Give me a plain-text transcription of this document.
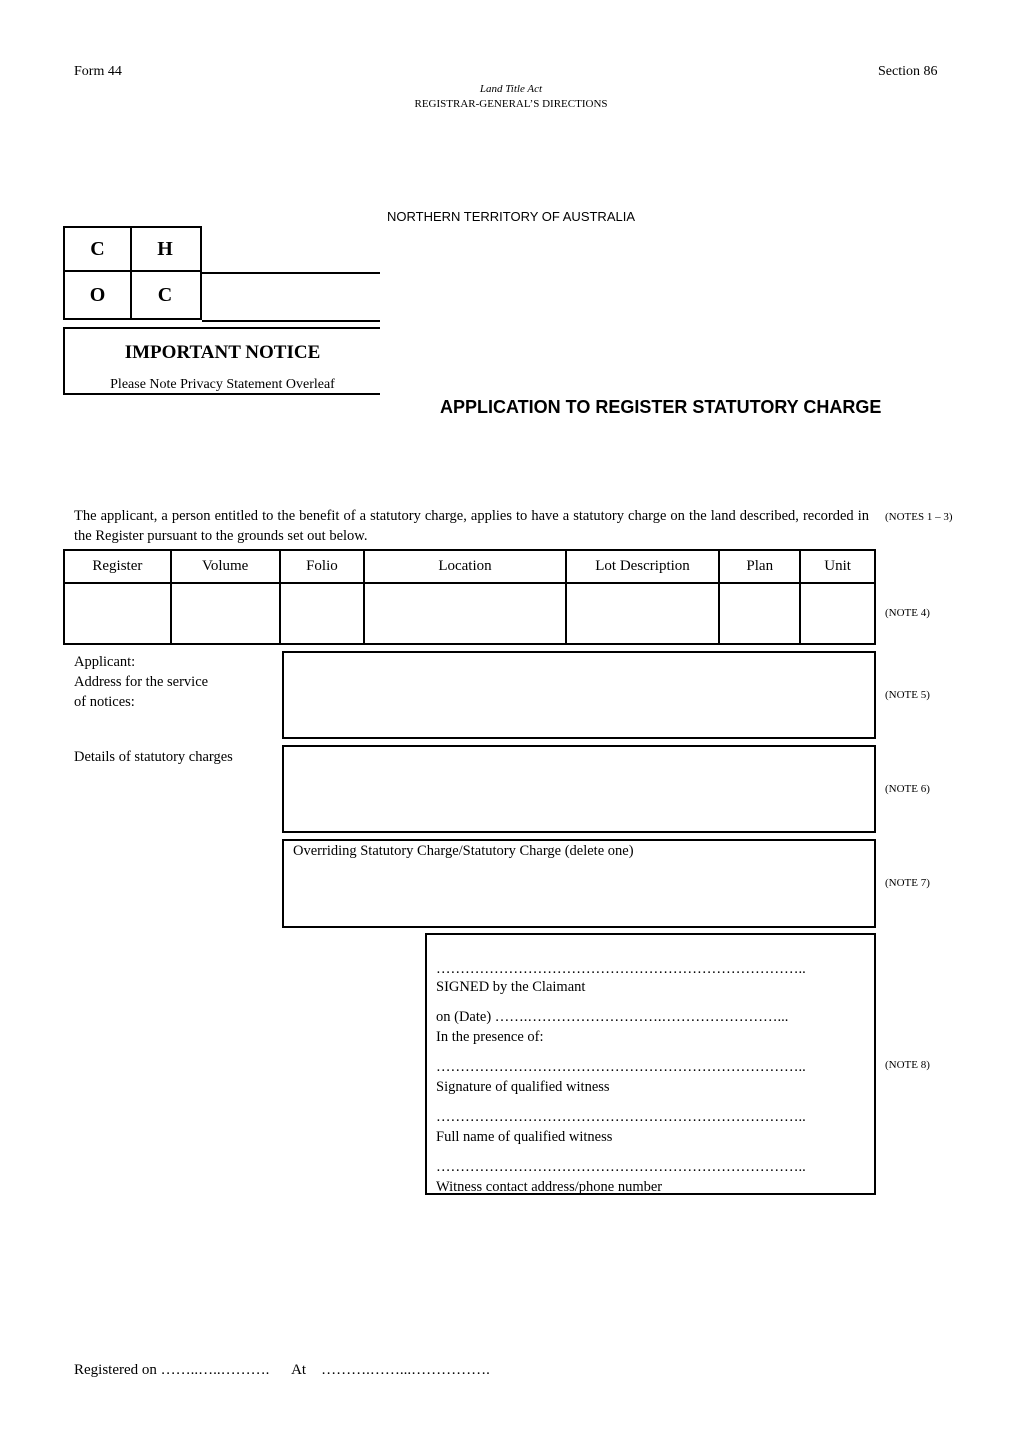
Form 44	Section 86
Land Title Act
REGISTRAR-GENERAL’S DIRECTIONS
NORTHERN TERRITORY OF AUSTRALIA
C	H
O	C
IMPORTANT NOTICE
Please Note Privacy Statement Overleaf
APPLICATION TO REGISTER STATUTORY CHARGE
The applicant, a person entitled to the benefit of a statutory charge, applies to have a statutory charge on the land described, recorded in the Register pursuant to the grounds set out below.
(NOTES 1 – 3)
Register	Volume	Folio	Location	Lot Description	Plan	Unit

(NOTE 4)
Applicant:
Address for the service
of notices:	(NOTE 5)
Details of statutory charges
(NOTE 6)
Overriding Statutory Charge/Statutory Charge (delete one)
(NOTE 7)
…………………………………………………………………..
SIGNED by the Claimant
on (Date) …….……………………….……………………...
In the presence of:
…………………………………………………………………..
Signature of qualified witness
…………………………………………………………………..
Full name of qualified witness
…………………………………………………………………..
Witness contact address/phone number
(NOTE 8)
Registered on ……..…..………. At    ……….……...…………….
